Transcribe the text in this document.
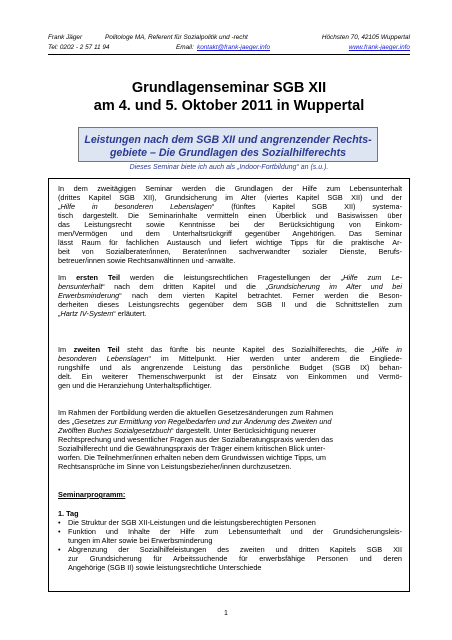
Frank Jäger	Politologe MA, Referent für Sozialpolitik und -recht	Höchsten 70, 42105 Wuppertal
Tel: 0202 - 2 57 11 94	Email: kontakt@frank-jaeger.info	www.frank-jaeger.info
Grundlagenseminar SGB XII
am 4. und 5. Oktober 2011 in Wuppertal
Leistungen nach dem SGB XII und angrenzender Rechts-
gebiete – Die Grundlagen des Sozialhilferechts
Dieses Seminar biete ich auch als „Indoor-Fortbildung“ an (s.u.).
In dem zweitägigen Seminar werden die Grundlagen der Hilfe zum Lebensunterhalt
(drittes Kapitel SGB XII), Grundsicherung im Alter (viertes Kapitel SGB XII) und der
„Hilfe in besonderen Lebenslagen“ (fünftes Kapitel SGB XII) systema-
tisch dargestellt. Die Seminarinhalte vermitteln einen Überblick und Basiswissen über
das Leistungsrecht sowie Kenntnisse bei der Berücksichtigung von Einkom-
men/Vermögen und dem Unterhaltsrückgriff gegenüber Angehörigen. Das Seminar
lässt Raum für fachlichen Austausch und liefert wichtige Tipps für die praktische Ar-
beit von Sozialberater/innen, Berater/innen sachverwandter sozialer Dienste, Berufs-
betreuer/innen sowie Rechtsanwältinnen und -anwälte.
Im ersten Teil werden die leistungsrechtlichen Fragestellungen der „Hilfe zum Le-
bensunterhalt“ nach dem dritten Kapitel und die „Grundsicherung im Alter und bei
Erwerbsminderung“ nach dem vierten Kapitel betrachtet. Ferner werden die Beson-
derheiten dieses Leistungsrechts gegenüber dem SGB II und die Schnittstellen zum
„Hartz IV-System“ erläutert.
Im zweiten Teil steht das fünfte bis neunte Kapitel des Sozialhilferechts, die „Hilfe in
besonderen Lebenslagen“ im Mittelpunkt. Hier werden unter anderem die Eingliede-
rungshilfe und als angrenzende Leistung das persönliche Budget (SGB IX) behan-
delt. Ein weiterer Themenschwerpunkt ist der Einsatz von Einkommen und Vermö-
gen und die Heranziehung Unterhaltspflichtiger.
Im Rahmen der Fortbildung werden die aktuellen Gesetzesänderungen zum Rahmen
des „Gesetzes zur Ermittlung von Regelbedarfen und zur Änderung des Zweiten und
Zwölften Buches Sozialgesetzbuch“ dargestellt. Unter Berücksichtigung neuerer
Rechtsprechung und wesentlicher Fragen aus der Sozialberatungspraxis werden das
Sozialhilferecht und die Gewährungspraxis der Träger einem kritischen Blick unter-
worfen. Die Teilnehmer/innen erhalten neben dem Grundwissen wichtige Tipps, um
Rechtsansprüche im Sinne von Leistungsbezieher/innen durchzusetzen.
Seminarprogramm:
1. Tag
• Die Struktur der SGB XII-Leistungen und die leistungsberechtigten Personen
• Funktion und Inhalte der Hilfe zum Lebensunterhalt und der Grundsicherungsleis-
tungen im Alter sowie bei Erwerbsminderung
• Abgrenzung der Sozialhilfeleistungen des zweiten und dritten Kapitels SGB XII
zur Grundsicherung für Arbeitssuchende für erwerbsfähige Personen und deren
Angehörige (SGB II) sowie leistungsrechtliche Unterschiede
1
